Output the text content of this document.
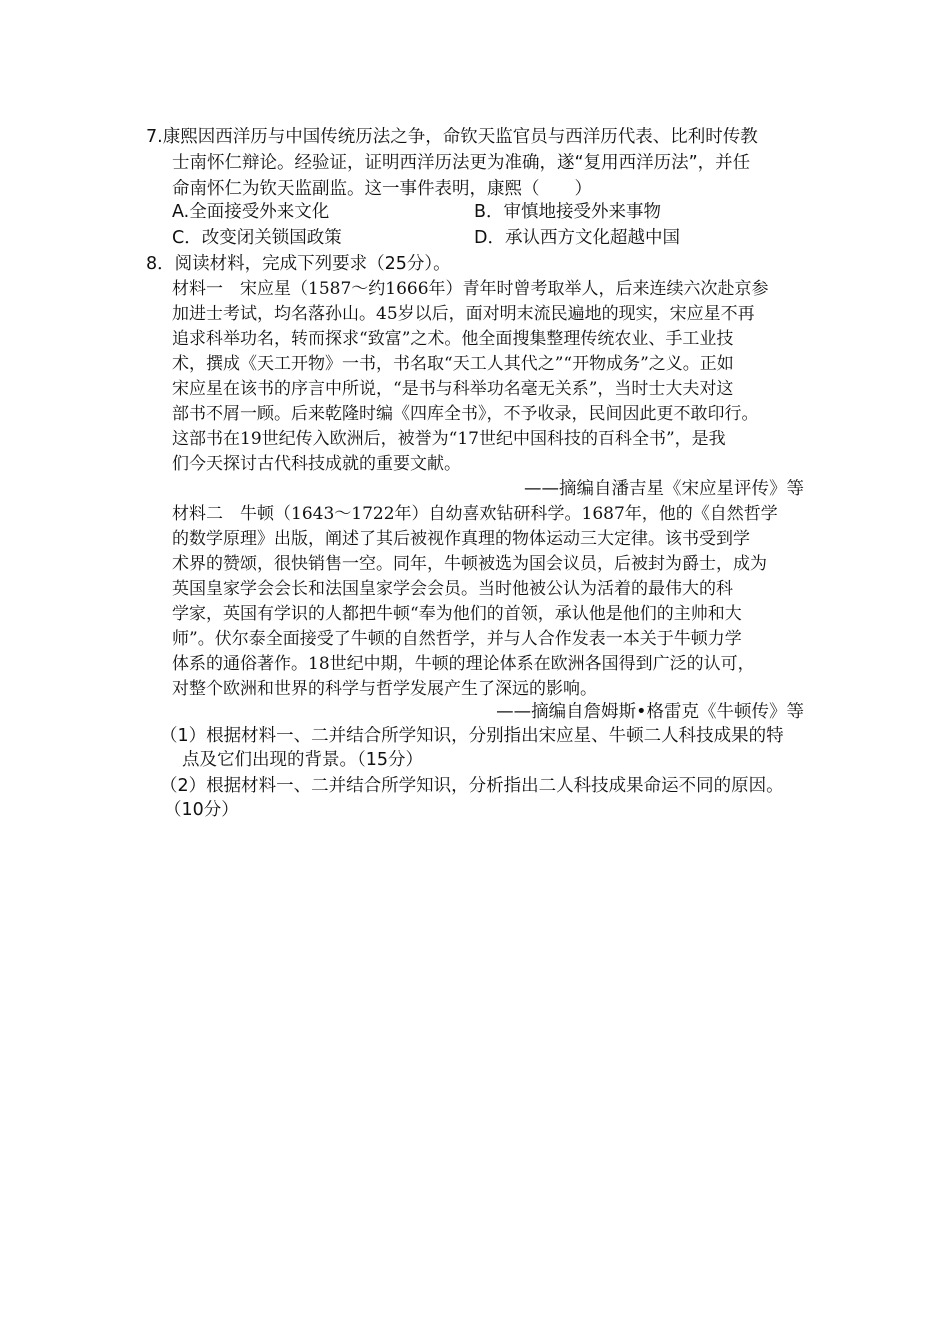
7.康熙因西洋历与中国传统历法之争，命钦天监官员与西洋历代表、比利时传教
士南怀仁辩论。经验证，证明西洋历法更为准确，遂“复用西洋历法”，并任
命南怀仁为钦天监副监。这一事件表明，康熙（　　）
A.全面接受外来文化	B．审慎地接受外来事物
C．改变闭关锁国政策	D．承认西方文化超越中国
8．阅读材料，完成下列要求（25分）。
材料一　宋应星（1587～约1666年）青年时曾考取举人，后来连续六次赴京参
加进士考试，均名落孙山。45岁以后，面对明末流民遍地的现实，宋应星不再
追求科举功名，转而探求“致富”之术。他全面搜集整理传统农业、手工业技
术，撰成《天工开物》一书，书名取“天工人其代之”“开物成务”之义。正如
宋应星在该书的序言中所说，“是书与科举功名毫无关系”，当时士大夫对这
部书不屑一顾。后来乾隆时编《四库全书》，不予收录，民间因此更不敢印行。
这部书在19世纪传入欧洲后，被誉为“17世纪中国科技的百科全书”，是我
们今天探讨古代科技成就的重要文献。
——摘编自潘吉星《宋应星评传》等
材料二　牛顿（1643～1722年）自幼喜欢钻研科学。1687年，他的《自然哲学
的数学原理》出版，阐述了其后被视作真理的物体运动三大定律。该书受到学
术界的赞颂，很快销售一空。同年，牛顿被选为国会议员，后被封为爵士，成为
英国皇家学会会长和法国皇家学会会员。当时他被公认为活着的最伟大的科
学家，英国有学识的人都把牛顿“奉为他们的首领，承认他是他们的主帅和大
师”。伏尔泰全面接受了牛顿的自然哲学，并与人合作发表一本关于牛顿力学
体系的通俗著作。18世纪中期，牛顿的理论体系在欧洲各国得到广泛的认可，
对整个欧洲和世界的科学与哲学发展产生了深远的影响。
——摘编自詹姆斯•格雷克《牛顿传》等
（1）根据材料一、二并结合所学知识，分别指出宋应星、牛顿二人科技成果的特
点及它们出现的背景。（15分）
（2）根据材料一、二并结合所学知识，分析指出二人科技成果命运不同的原因。
（10分）
